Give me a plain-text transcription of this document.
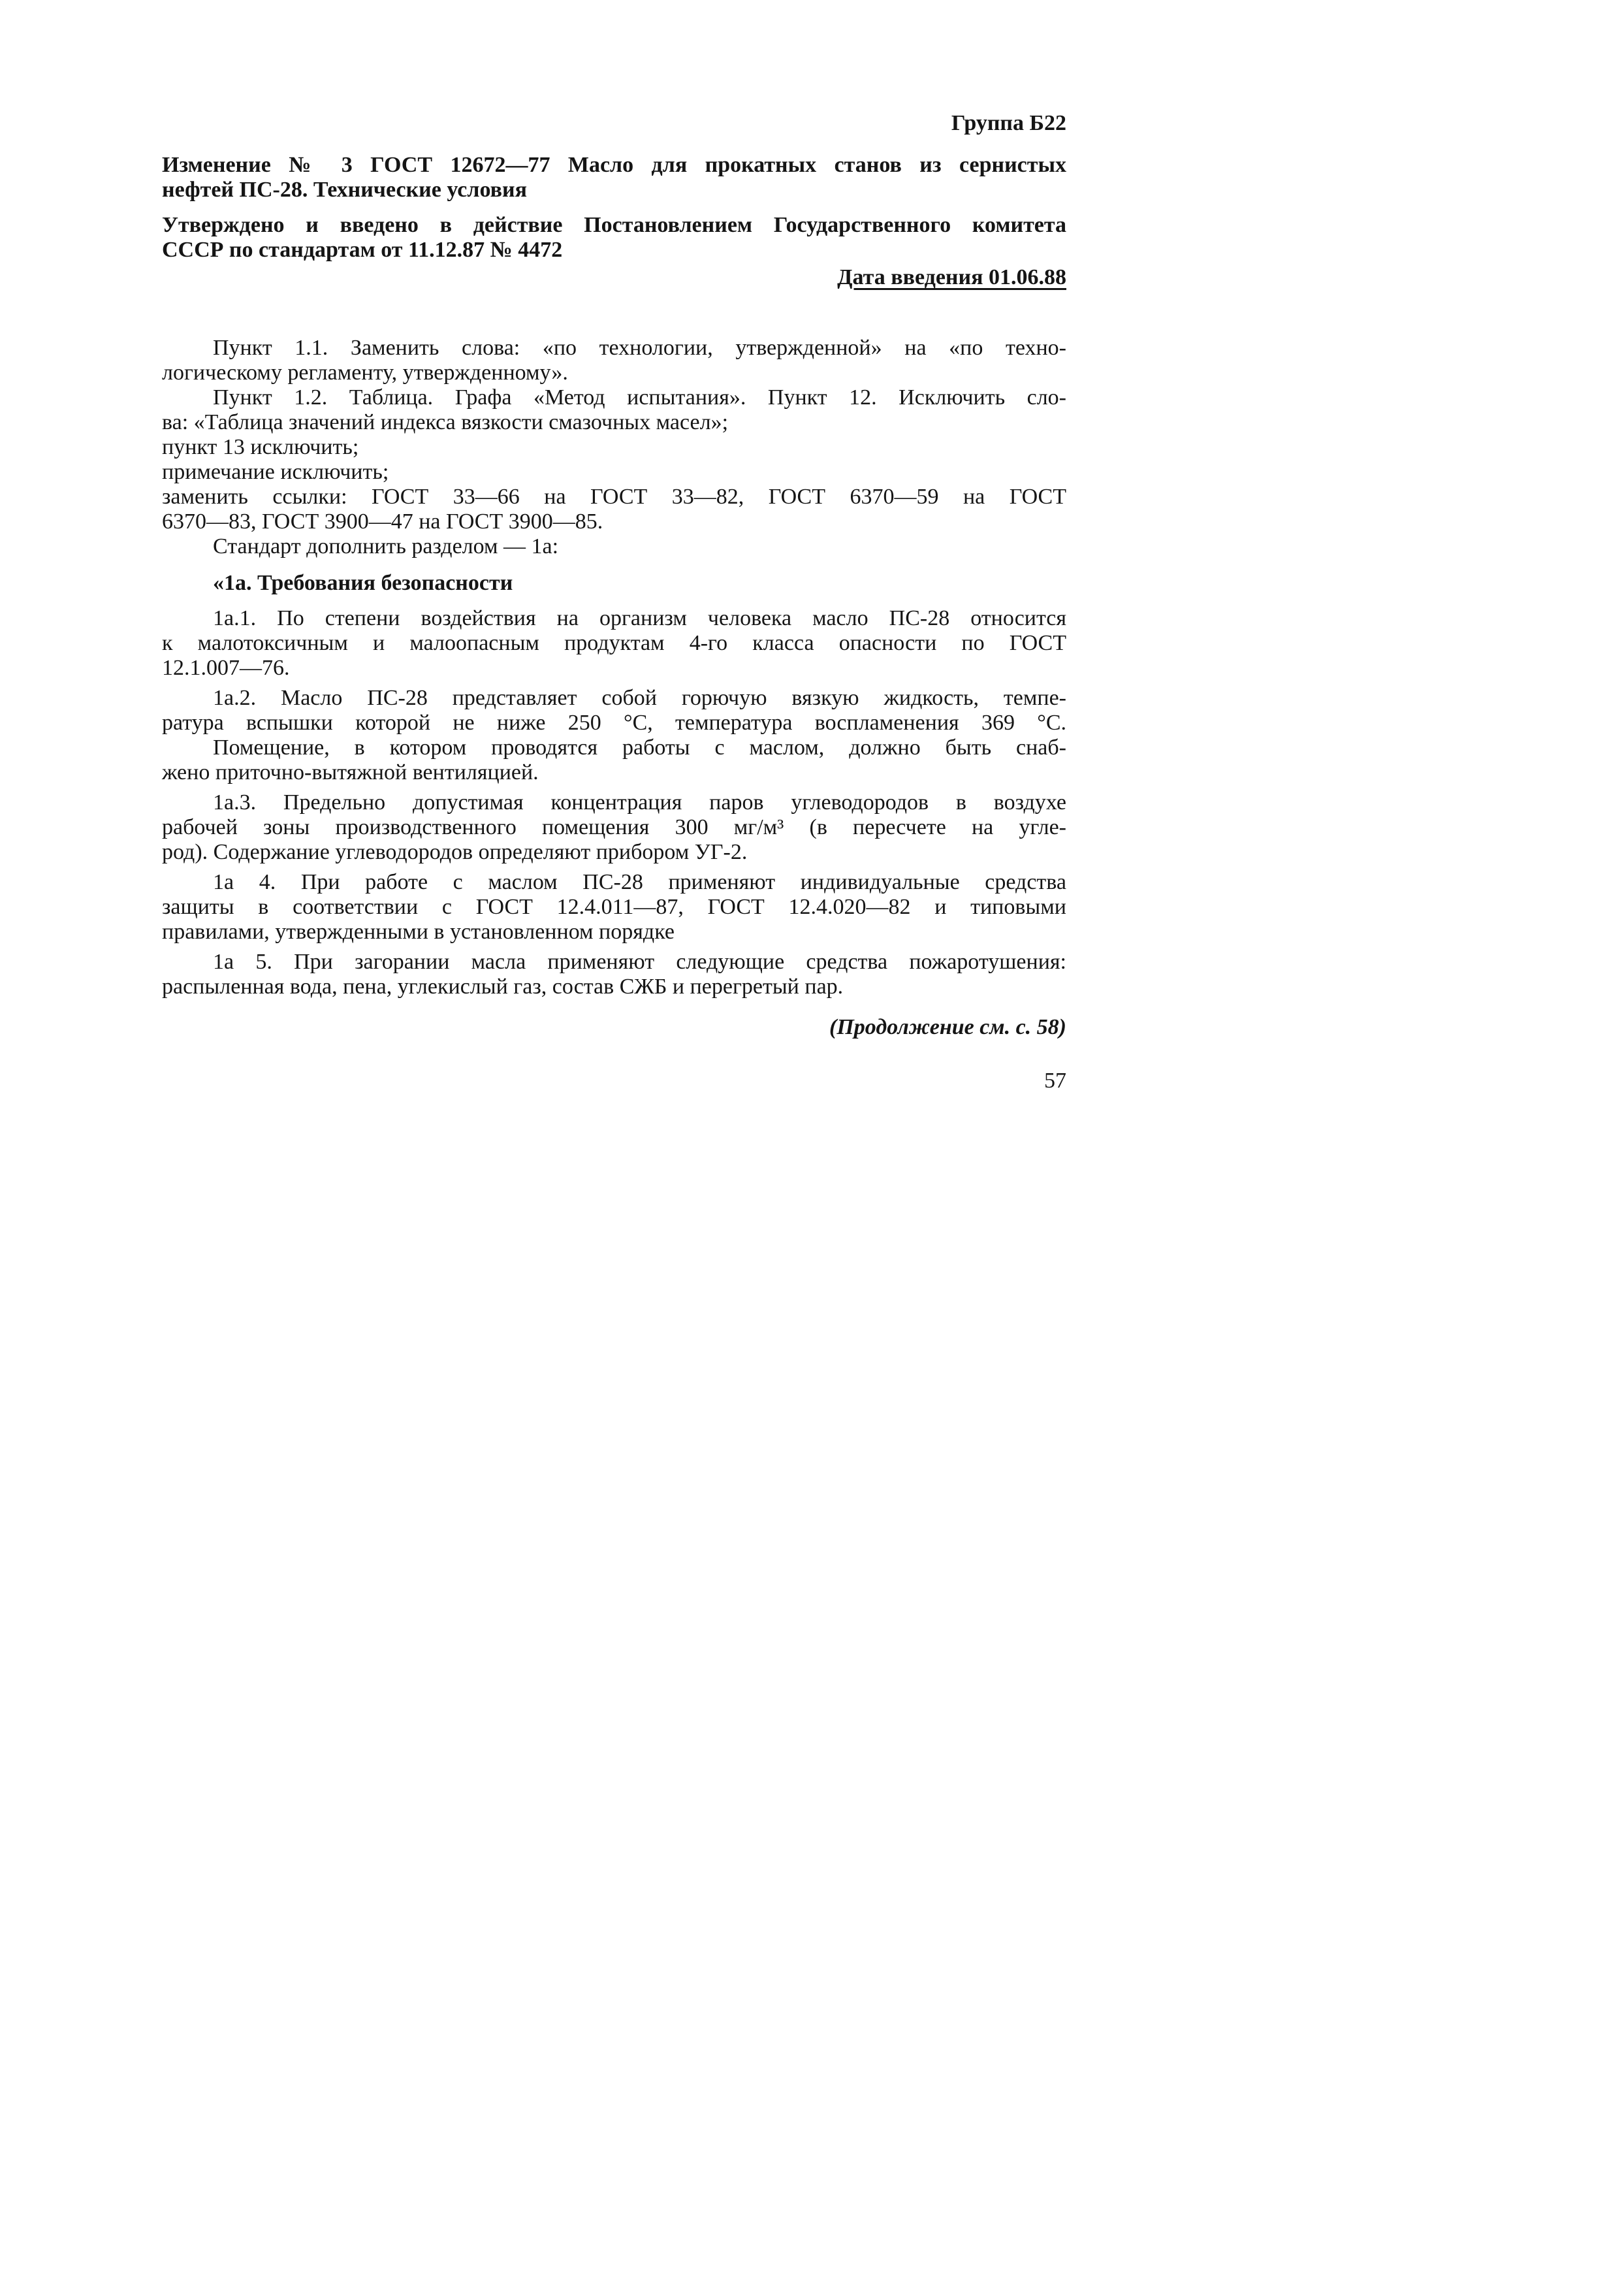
Группа Б22
Изменение № 3 ГОСТ 12672—77 Масло для прокатных станов из сернистых
нефтей ПС-28. Технические условия
Утверждено и введено в действие Постановлением Государственного комитета
СССР по стандартам от 11.12.87 № 4472
Дата введения 01.06.88
Пункт 1.1. Заменить слова: «по технологии, утвержденной» на «по техно-
логическому регламенту, утвержденному».
Пункт 1.2. Таблица. Графа «Метод испытания». Пункт 12. Исключить сло-
ва: «Таблица значений индекса вязкости смазочных масел»;
пункт 13 исключить;
примечание исключить;
заменить ссылки: ГОСТ 33—66 на ГОСТ 33—82, ГОСТ 6370—59 на ГОСТ
6370—83, ГОСТ 3900—47 на ГОСТ 3900—85.
Стандарт дополнить разделом — 1а:
«1а. Требования безопасности
1а.1. По степени воздействия на организм человека масло ПС-28 относится
к малотоксичным и малоопасным продуктам 4-го класса опасности по ГОСТ
12.1.007—76.
1а.2. Масло ПС-28 представляет собой горючую вязкую жидкость, темпе-
ратура вспышки которой не ниже 250 °С, температура воспламенения 369 °С.
Помещение, в котором проводятся работы с маслом, должно быть снаб-
жено приточно-вытяжной вентиляцией.
1а.3. Предельно допустимая концентрация паров углеводородов в воздухе
рабочей зоны производственного помещения 300 мг/м³ (в пересчете на угле-
род). Содержание углеводородов определяют прибором УГ-2.
1а 4. При работе с маслом ПС-28 применяют индивидуальные средства
защиты в соответствии с ГОСТ 12.4.011—87, ГОСТ 12.4.020—82 и типовыми
правилами, утвержденными в установленном порядке
1а 5. При загорании масла применяют следующие средства пожаротушения:
распыленная вода, пена, углекислый газ, состав СЖБ и перегретый пар.
(Продолжение см. с. 58)
57
